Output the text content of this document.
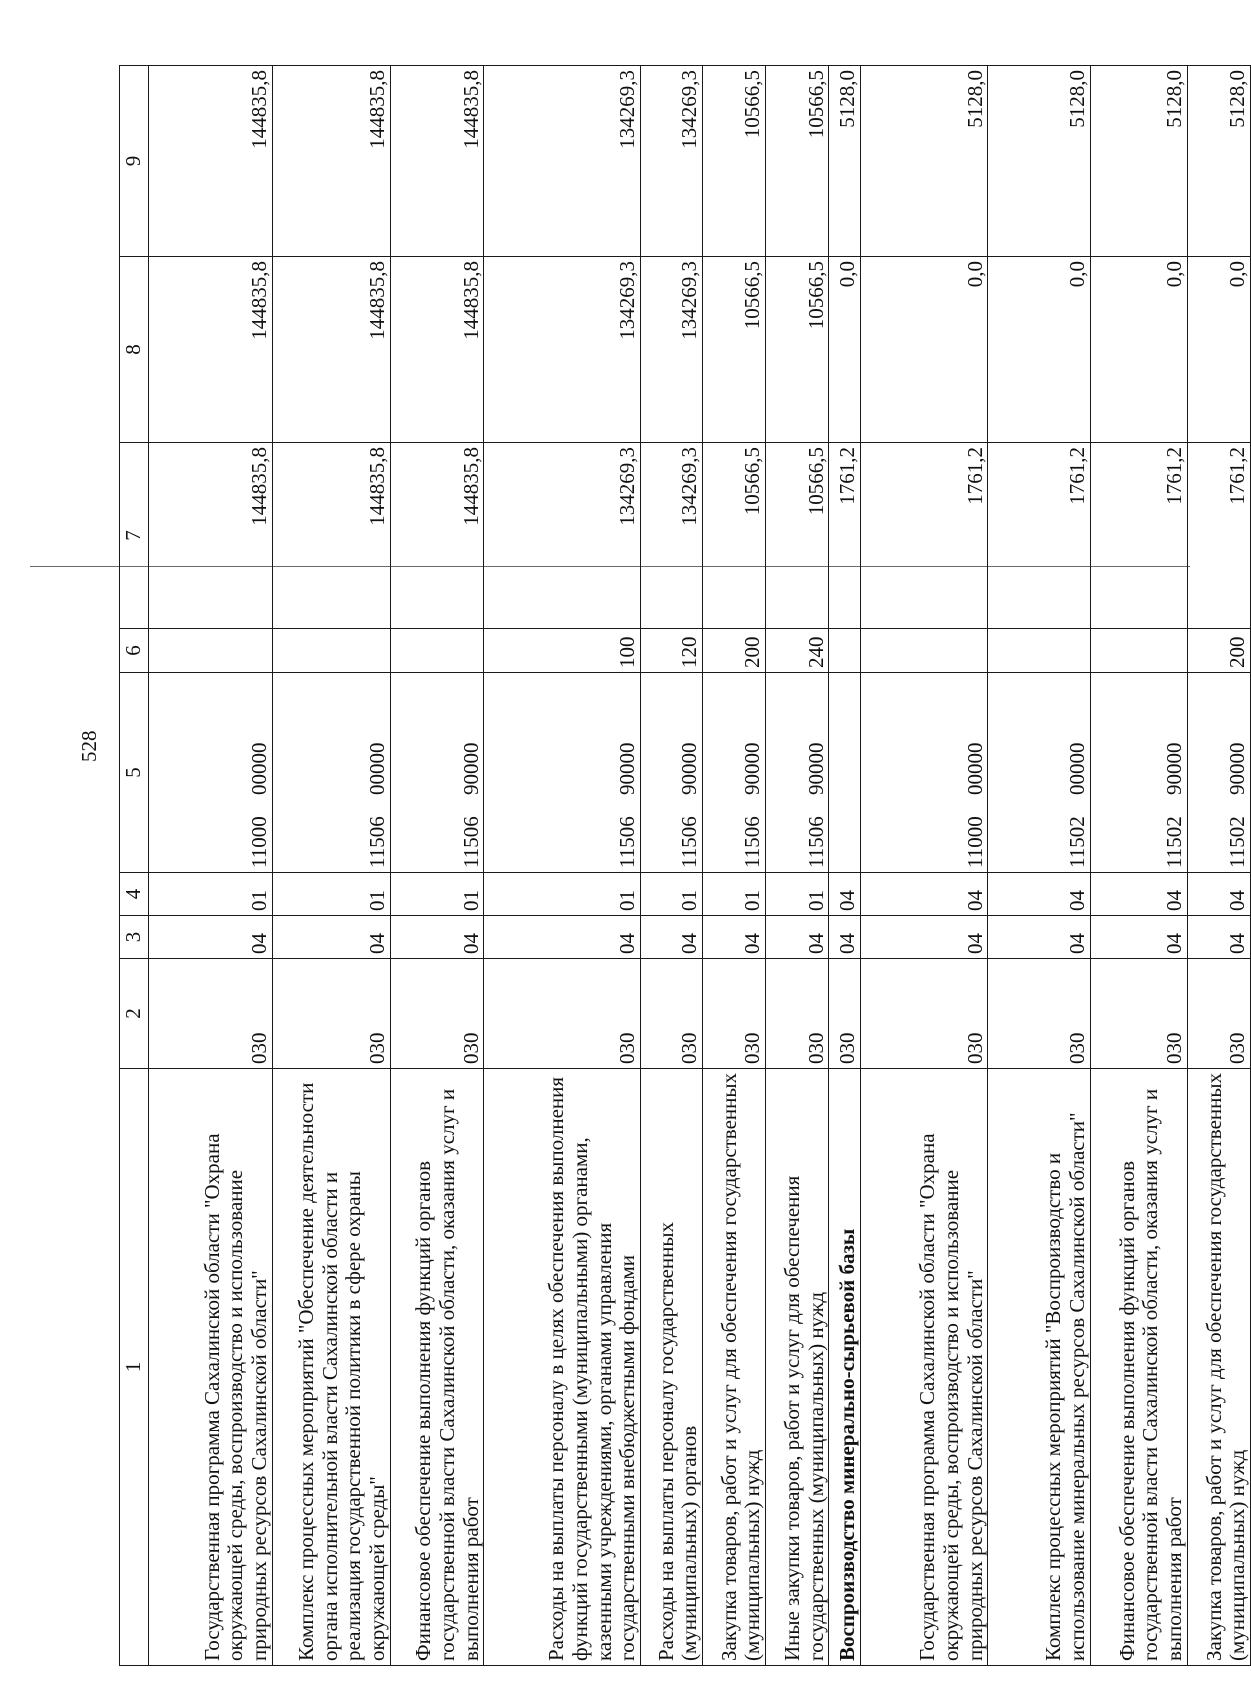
528
1	2	3	4	5	6	7	8	9
Государственная программа Сахалинской области "Охрана окружающей среды, воспроизводство и использование природных ресурсов Сахалинской области"	030	04	01	1100000000		144835,8	144835,8	144835,8
Комплекс процессных мероприятий "Обеспечение деятельности органа исполнительной власти Сахалинской области и реализация государственной политики в сфере охраны окружающей среды"	030	04	01	1150600000		144835,8	144835,8	144835,8
Финансовое обеспечение выполнения функций органов государственной власти Сахалинской области, оказания услуг и выполнения работ	030	04	01	1150690000		144835,8	144835,8	144835,8
Расходы на выплаты персоналу в целях обеспечения выполнения функций государственными (муниципальными) органами, казенными учреждениями, органами управления государственными внебюджетными фондами	030	04	01	1150690000	100	134269,3	134269,3	134269,3
Расходы на выплаты персоналу государственных (муниципальных) органов	030	04	01	1150690000	120	134269,3	134269,3	134269,3
Закупка товаров, работ и услуг для обеспечения государственных (муниципальных) нужд	030	04	01	1150690000	200	10566,5	10566,5	10566,5
Иные закупки товаров, работ и услуг для обеспечения государственных (муниципальных) нужд	030	04	01	1150690000	240	10566,5	10566,5	10566,5
Воспроизводство минерально-сырьевой базы	030	04	04			1761,2	0,0	5128,0
Государственная программа Сахалинской области "Охрана окружающей среды, воспроизводство и использование природных ресурсов Сахалинской области"	030	04	04	1100000000		1761,2	0,0	5128,0
Комплекс процессных мероприятий "Воспроизводство и использование минеральных ресурсов Сахалинской области"	030	04	04	1150200000		1761,2	0,0	5128,0
Финансовое обеспечение выполнения функций органов государственной власти Сахалинской области, оказания услуг и выполнения работ	030	04	04	1150290000		1761,2	0,0	5128,0
Закупка товаров, работ и услуг для обеспечения государственных (муниципальных) нужд	030	04	04	1150290000	200	1761,2	0,0	5128,0
